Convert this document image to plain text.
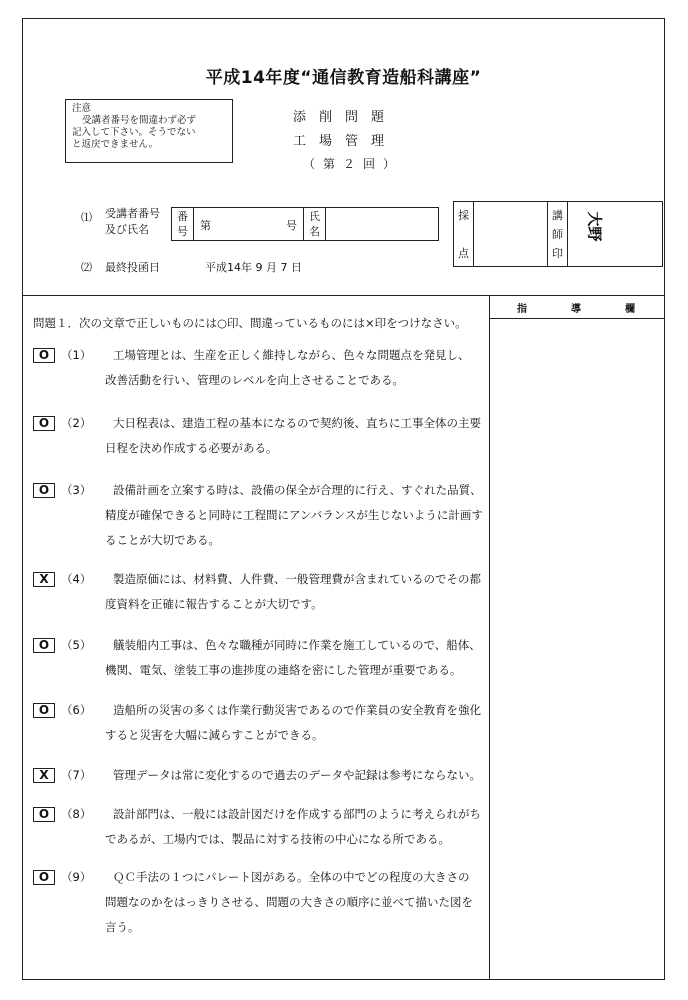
平成14年度“通信教育造船科講座”
注意
受講者番号を間違わず必ず
記入して下さい。そうでない
と返戻できません。
添削問題
工場管理
（第２回）
⑴ 受講者番号
及び氏名
番
号	第	号
氏
名
⑵ 最終投函日	平成14年 9 月 7 日
採
点
講
師
印
大野
指	導	欄
問題１．次の文章で正しいものには○印、間違っているものには×印をつけなさい。
O	（1）	工場管理とは、生産を正しく維持しながら、色々な問題点を発見し、
改善活動を行い、管理のレベルを向上させることである。
O	（2）	大日程表は、建造工程の基本になるので契約後、直ちに工事全体の主要
日程を決め作成する必要がある。
O	（3）	設備計画を立案する時は、設備の保全が合理的に行え、すぐれた品質、
精度が確保できると同時に工程間にアンバランスが生じないように計画す
ることが大切である。
X	（4）	製造原価には、材料費、人件費、一般管理費が含まれているのでその都
度資料を正確に報告することが大切です。
O	（5）	艤装船内工事は、色々な職種が同時に作業を施工しているので、船体、
機関、電気、塗装工事の進捗度の連絡を密にした管理が重要である。
O	（6）	造船所の災害の多くは作業行動災害であるので作業員の安全教育を強化
すると災害を大幅に減らすことができる。
X	（7）	管理データは常に変化するので過去のデータや記録は参考にならない。
O	（8）	設計部門は、一般には設計図だけを作成する部門のように考えられがち
であるが、工場内では、製品に対する技術の中心になる所である。
O	（9）	ＱＣ手法の１つにパレート図がある。全体の中でどの程度の大きさの
問題なのかをはっきりさせる、問題の大きさの順序に並べて描いた図を
言う。
